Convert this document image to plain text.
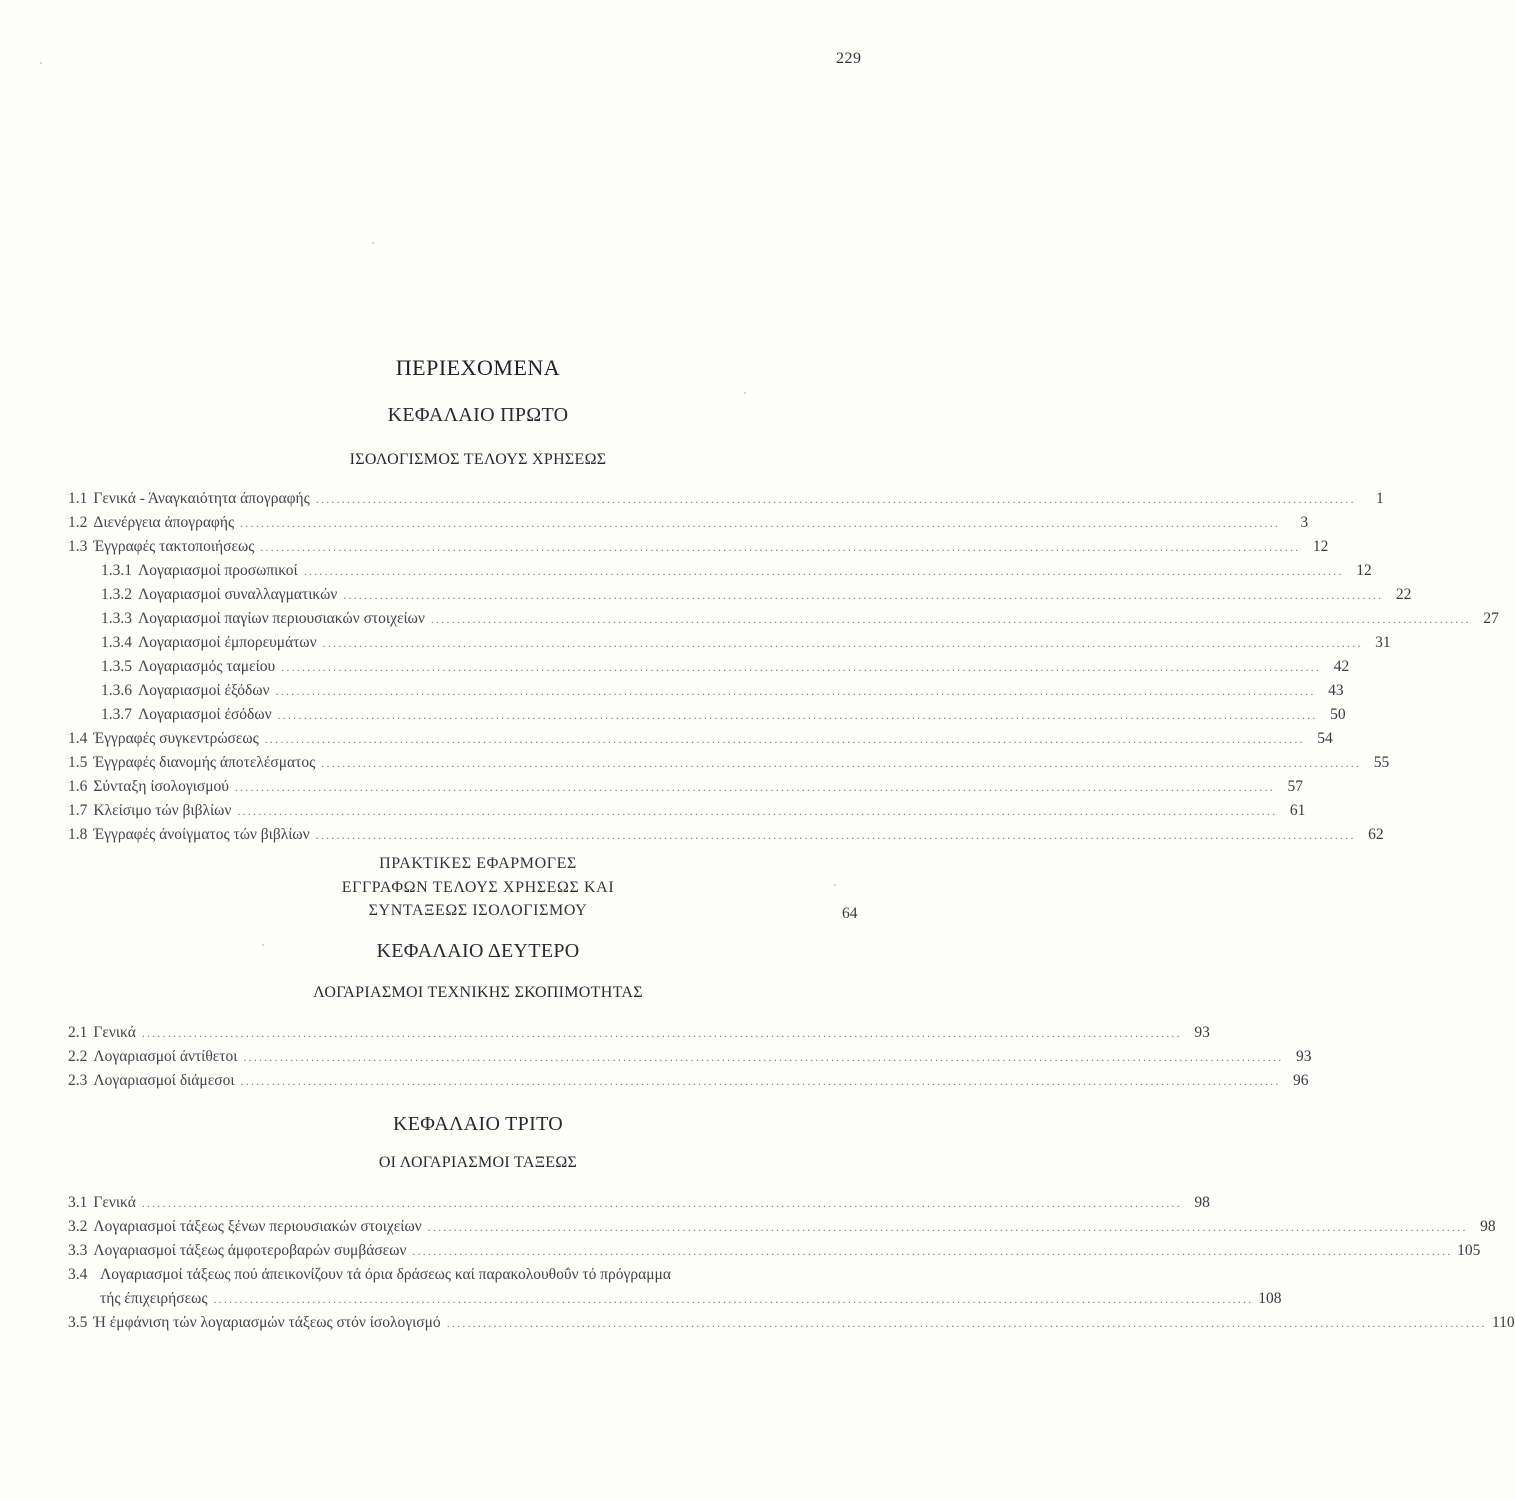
229
ΠΕΡΙΕΧΟΜΕΝΑ
ΚΕΦΑΛΑΙΟ ΠΡΩΤΟ
ΙΣΟΛΟΓΙΣΜΟΣ ΤΕΛΟΥΣ ΧΡΗΣΕΩΣ
1.1 Γενικά - Άναγκαιότητα άπογραφής ........................................................................................................................................................................................................	1
1.2 Διενέργεια άπογραφής ........................................................................................................................................................................................................	3
1.3 Έγγραφές τακτοποιήσεως ........................................................................................................................................................................................................ 12
1.3.1 Λογαριασμοί προσωπικοί ........................................................................................................................................................................................................ 12
1.3.2 Λογαριασμοί συναλλαγματικών ........................................................................................................................................................................................................ 22
1.3.3 Λογαριασμοί παγίων περιουσιακών στοιχείων ........................................................................................................................................................................................................ 27
1.3.4 Λογαριασμοί έμπορευμάτων ........................................................................................................................................................................................................ 31
1.3.5 Λογαριασμός ταμείου ........................................................................................................................................................................................................ 42
1.3.6 Λογαριασμοί έξόδων ........................................................................................................................................................................................................ 43
1.3.7 Λογαριασμοί έσόδων ........................................................................................................................................................................................................ 50
1.4 Έγγραφές συγκεντρώσεως ........................................................................................................................................................................................................ 54
1.5 Έγγραφές διανομής άποτελέσματος ........................................................................................................................................................................................................ 55
1.6 Σύνταξη ίσολογισμού ........................................................................................................................................................................................................ 57
1.7 Κλείσιμο τών βιβλίων ........................................................................................................................................................................................................ 61
1.8 Έγγραφές άνοίγματος τών βιβλίων ........................................................................................................................................................................................................ 62
ΠΡΑΚΤΙΚΕΣ ΕΦΑΡΜΟΓΕΣ
ΕΓΓΡΑΦΩΝ ΤΕΛΟΥΣ ΧΡΗΣΕΩΣ ΚΑΙ
ΣΥΝΤΑΞΕΩΣ ΙΣΟΛΟΓΙΣΜΟΥ	64
ΚΕΦΑΛΑΙΟ ΔΕΥΤΕΡΟ
ΛΟΓΑΡΙΑΣΜΟΙ ΤΕΧΝΙΚΗΣ ΣΚΟΠΙΜΟΤΗΤΑΣ
2.1 Γενικά ........................................................................................................................................................................................................ 93
2.2 Λογαριασμοί άντίθετοι ........................................................................................................................................................................................................ 93
2.3 Λογαριασμοί διάμεσοι ........................................................................................................................................................................................................ 96
ΚΕΦΑΛΑΙΟ ΤΡΙΤΟ
ΟΙ ΛΟΓΑΡΙΑΣΜΟΙ ΤΑΞΕΩΣ
3.1 Γενικά ........................................................................................................................................................................................................ 98
3.2 Λογαριασμοί τάξεως ξένων περιουσιακών στοιχείων ........................................................................................................................................................................................................ 98
3.3 Λογαριασμοί τάξεως άμφοτεροβαρών συμβάσεων ........................................................................................................................................................................................................ 105
3.4 Λογαριασμοί τάξεως πού άπεικονίζουν τά όρια δράσεως καί παρακολουθοΰν τό πρόγραμμα
τής έπιχειρήσεως ........................................................................................................................................................................................................ 108
3.5 Ή έμφάνιση τών λογαριασμών τάξεως στόν ίσολογισμό ........................................................................................................................................................................................................ 110
